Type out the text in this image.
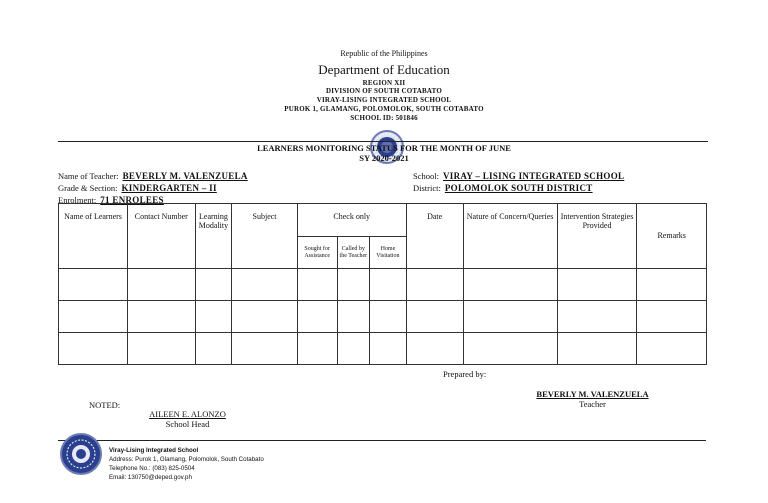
Republic of the Philippines
Department of Education
REGION XII
DIVISION OF SOUTH COTABATO
VIRAY-LISING INTEGRATED SCHOOL
PUROK 1, GLAMANG, POLOMOLOK, SOUTH COTABATO
SCHOOL ID: 501846
LEARNERS MONITORING STATUS FOR THE MONTH OF JUNE
SY 2020-2021
Name of Teacher: BEVERLY M. VALENZUELA
Grade & Section: KINDERGARTEN – II
Enrolment: 71 ENROLEES
School: VIRAY – LISING INTEGRATED SCHOOL
District: POLOMOLOK SOUTH DISTRICT
Name of Learners	Contact Number	Learning Modality	Subject	Check only			Date	Nature of Concern/Queries	Intervention Strategies Provided	Remarks
				Sought for Assistance	Called by the Teacher	Home Visitation				

Prepared by:
BEVERLY M. VALENZUELA
Teacher
NOTED:
AILEEN E. ALONZO
School Head
Viray-Lising Integrated School
Address: Purok 1, Glamang, Polomolok, South Cotabato
Telephone No.: (083) 825-0504
Email: 130750@deped.gov.ph
